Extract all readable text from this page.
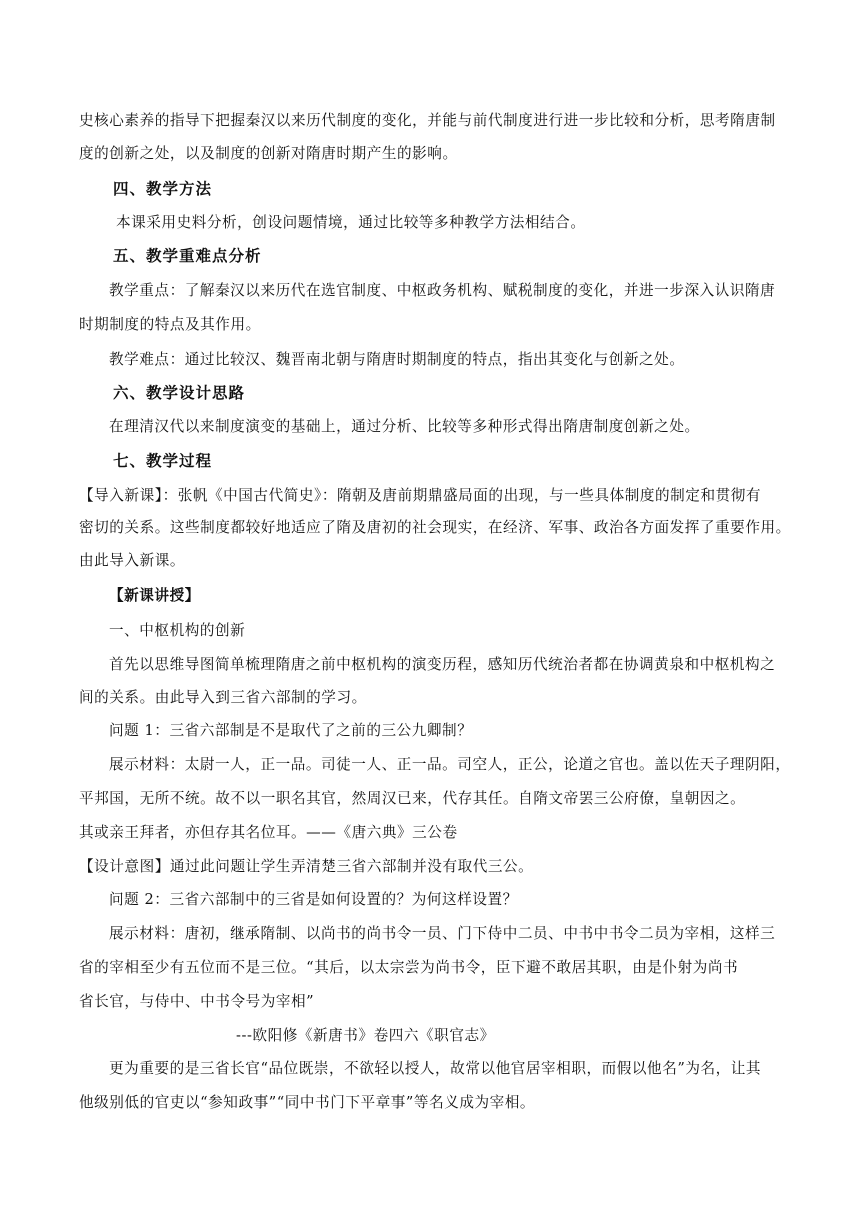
史核心素养的指导下把握秦汉以来历代制度的变化，并能与前代制度进行进一步比较和分析，思考隋唐制
度的创新之处，以及制度的创新对隋唐时期产生的影响。
四、教学方法
本课采用史料分析，创设问题情境，通过比较等多种教学方法相结合。
五、教学重难点分析
教学重点：了解秦汉以来历代在选官制度、中枢政务机构、赋税制度的变化，并进一步深入认识隋唐
时期制度的特点及其作用。
教学难点：通过比较汉、魏晋南北朝与隋唐时期制度的特点，指出其变化与创新之处。
六、教学设计思路
在理清汉代以来制度演变的基础上，通过分析、比较等多种形式得出隋唐制度创新之处。
七、教学过程
【导入新课】：张帆《中国古代简史》：隋朝及唐前期鼎盛局面的出现，与一些具体制度的制定和贯彻有
密切的关系。这些制度都较好地适应了隋及唐初的社会现实，在经济、军事、政治各方面发挥了重要作用。
由此导入新课。
【新课讲授】
一、中枢机构的创新
首先以思维导图简单梳理隋唐之前中枢机构的演变历程，感知历代统治者都在协调黄泉和中枢机构之
间的关系。由此导入到三省六部制的学习。
问题 1：三省六部制是不是取代了之前的三公九卿制？
展示材料：太尉一人，正一品。司徒一人、正一品。司空人，正公，论道之官也。盖以佐天子理阴阳，
平邦国，无所不统。故不以一职名其官，然周汉已来，代存其任。自隋文帝罢三公府僚，皇朝因之。
其或亲王拜者，亦但存其名位耳。——《唐六典》三公卷
【设计意图】通过此问题让学生弄清楚三省六部制并没有取代三公。
问题 2：三省六部制中的三省是如何设置的？为何这样设置？
展示材料：唐初，继承隋制、以尚书的尚书令一员、门下侍中二员、中书中书令二员为宰相，这样三
省的宰相至少有五位而不是三位。“其后，以太宗尝为尚书令，臣下避不敢居其职，由是仆射为尚书
省长官，与侍中、中书令号为宰相”
---欧阳修《新唐书》卷四六《职官志》
更为重要的是三省长官“品位既崇，不欲轻以授人，故常以他官居宰相职，而假以他名”为名，让其
他级别低的官吏以“参知政事”“同中书门下平章事”等名义成为宰相。
